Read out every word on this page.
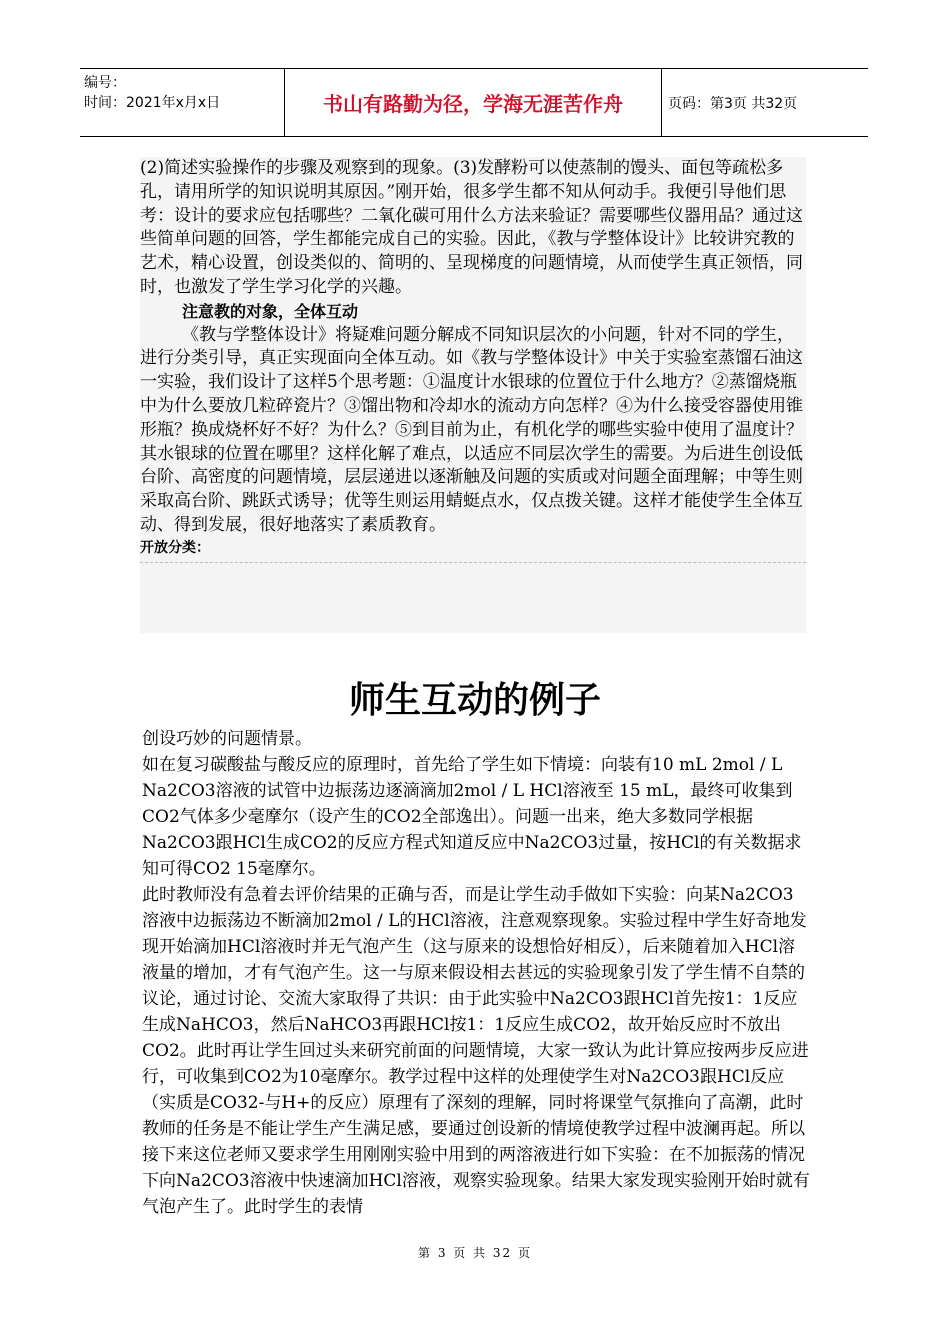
编号：
时间：2021年x月x日	书山有路勤为径，学海无涯苦作舟	页码：第3页 共32页

(2)简述实验操作的步骤及观察到的现象。(3)发酵粉可以使蒸制的馒头、面包等疏松多孔，请用所学的知识说明其原因。”刚开始，很多学生都不知从何动手。我便引导他们思考：设计的要求应包括哪些？二氧化碳可用什么方法来验证？需要哪些仪器用品？通过这些简单问题的回答，学生都能完成自己的实验。因此，《教与学整体设计》比较讲究教的艺术，精心设置，创设类似的、简明的、呈现梯度的问题情境，从而使学生真正领悟，同时，也激发了学生学习化学的兴趣。

注意教的对象，全体互动

《教与学整体设计》将疑难问题分解成不同知识层次的小问题，针对不同的学生，进行分类引导，真正实现面向全体互动。如《教与学整体设计》中关于实验室蒸馏石油这一实验，我们设计了这样5个思考题：①温度计水银球的位置位于什么地方？②蒸馏烧瓶中为什么要放几粒碎瓷片？③馏出物和冷却水的流动方向怎样？④为什么接受容器使用锥形瓶？换成烧杯好不好？为什么？⑤到目前为止，有机化学的哪些实验中使用了温度计？其水银球的位置在哪里？这样化解了难点，以适应不同层次学生的需要。为后进生创设低台阶、高密度的问题情境，层层递进以逐渐触及问题的实质或对问题全面理解；中等生则采取高台阶、跳跃式诱导；优等生则运用蜻蜓点水，仅点拨关键。这样才能使学生全体互动、得到发展，很好地落实了素质教育。

开放分类：

师生互动的例子

创设巧妙的问题情景。

如在复习碳酸盐与酸反应的原理时，首先给了学生如下情境：向装有10 mL 2mol / L Na2CO3溶液的试管中边振荡边逐滴滴加2mol / L HCl溶液至 15 mL，最终可收集到CO2气体多少毫摩尔（设产生的CO2全部逸出）。问题一出来，绝大多数同学根据Na2CO3跟HCl生成CO2的反应方程式知道反应中Na2CO3过量，按HCl的有关数据求知可得CO2 15毫摩尔。

此时教师没有急着去评价结果的正确与否，而是让学生动手做如下实验：向某Na2CO3溶液中边振荡边不断滴加2mol / L的HCl溶液，注意观察现象。实验过程中学生好奇地发现开始滴加HCl溶液时并无气泡产生（这与原来的设想恰好相反），后来随着加入HCl溶液量的增加，才有气泡产生。这一与原来假设相去甚远的实验现象引发了学生情不自禁的议论，通过讨论、交流大家取得了共识：由于此实验中Na2CO3跟HCl首先按1：1反应生成NaHCO3，然后NaHCO3再跟HCl按1：1反应生成CO2，故开始反应时不放出CO2。此时再让学生回过头来研究前面的问题情境，大家一致认为此计算应按两步反应进行，可收集到CO2为10毫摩尔。教学过程中这样的处理使学生对Na2CO3跟HCl反应（实质是CO32-与H+的反应）原理有了深刻的理解，同时将课堂气氛推向了高潮，此时教师的任务是不能让学生产生满足感，要通过创设新的情境使教学过程中波澜再起。所以接下来这位老师又要求学生用刚刚实验中用到的两溶液进行如下实验：在不加振荡的情况下向Na2CO3溶液中快速滴加HCl溶液，观察实验现象。结果大家发现实验刚开始时就有气泡产生了。此时学生的表情

第 3 页 共 32 页
